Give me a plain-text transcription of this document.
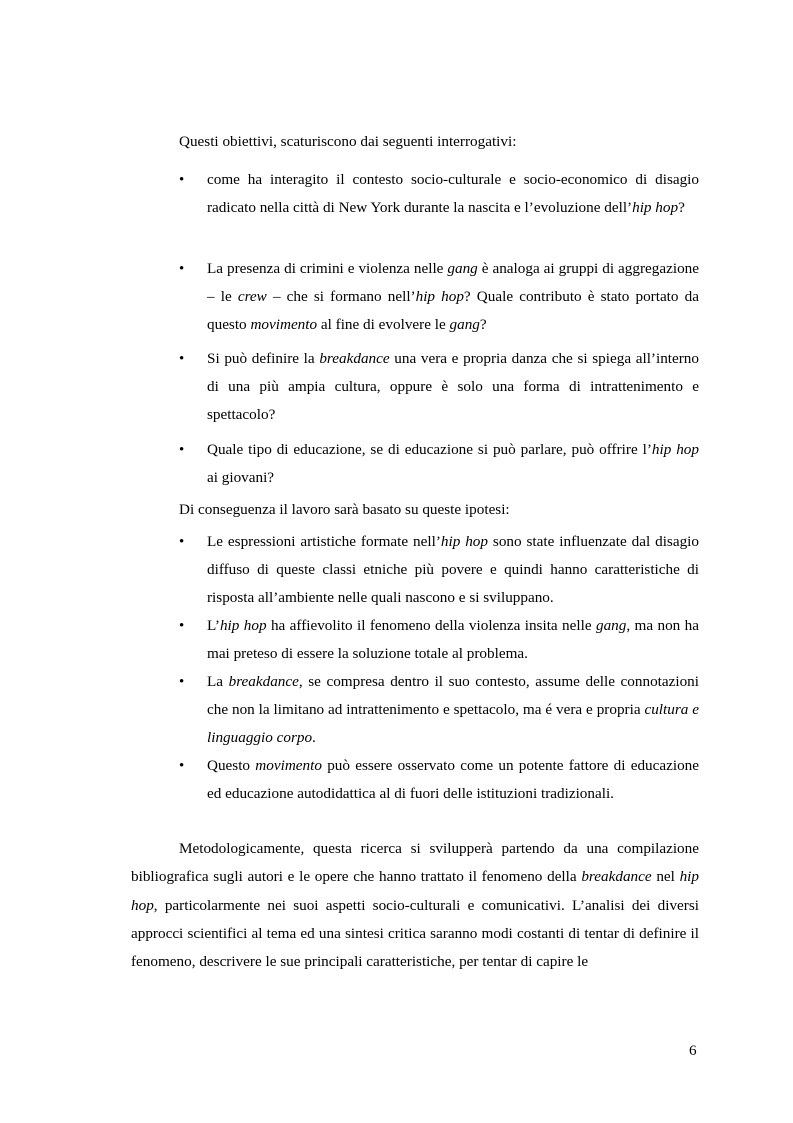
Questi obiettivi, scaturiscono dai seguenti interrogativi:

• come ha interagito il contesto socio-culturale e socio-economico di disagio radicato nella città di New York durante la nascita e l’evoluzione dell’hip hop?

• La presenza di crimini e violenza nelle gang è analoga ai gruppi di aggregazione – le crew – che si formano nell’hip hop? Quale contributo è stato portato da questo movimento al fine di evolvere le gang?

• Si può definire la breakdance una vera e propria danza che si spiega all’interno di una più ampia cultura, oppure è solo una forma di intrattenimento e spettacolo?

• Quale tipo di educazione, se di educazione si può parlare, può offrire l’hip hop ai giovani?

Di conseguenza il lavoro sarà basato su queste ipotesi:

• Le espressioni artistiche formate nell’hip hop sono state influenzate dal disagio diffuso di queste classi etniche più povere e quindi hanno caratteristiche di risposta all’ambiente nelle quali nascono e si sviluppano.

• L’hip hop ha affievolito il fenomeno della violenza insita nelle gang, ma non ha mai preteso di essere la soluzione totale al problema.

• La breakdance, se compresa dentro il suo contesto, assume delle connotazioni che non la limitano ad intrattenimento e spettacolo, ma é vera e propria cultura e linguaggio corpo.

• Questo movimento può essere osservato come un potente fattore di educazione ed educazione autodidattica al di fuori delle istituzioni tradizionali.

Metodologicamente, questa ricerca si svilupperà partendo da una compilazione bibliografica sugli autori e le opere che hanno trattato il fenomeno della breakdance nel hip hop, particolarmente nei suoi aspetti socio-culturali e comunicativi. L’analisi dei diversi approcci scientifici al tema ed una sintesi critica saranno modi costanti di tentar di definire il fenomeno, descrivere le sue principali caratteristiche, per tentar di capire le

6
